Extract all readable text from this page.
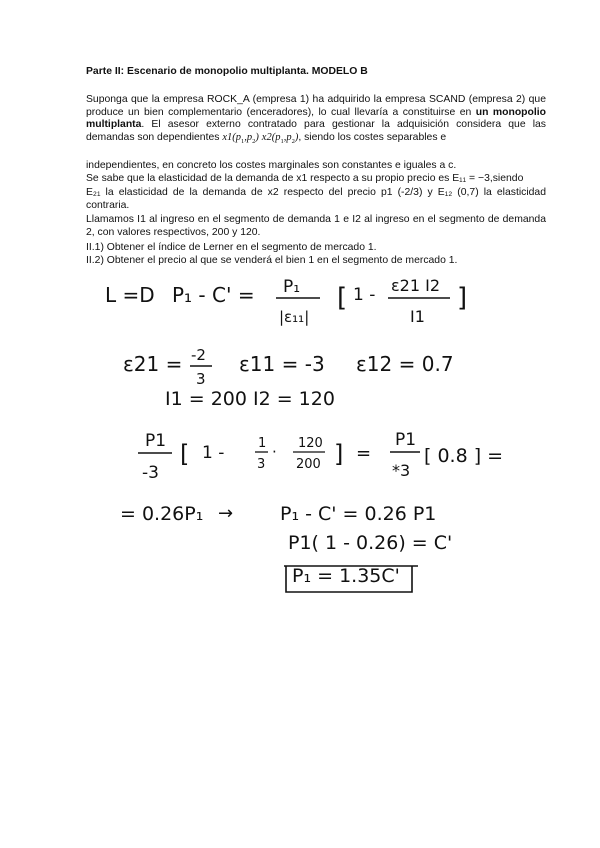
Parte II: Escenario de monopolio multiplanta. MODELO B
Suponga que la empresa ROCK_A (empresa 1) ha adquirido la empresa SCAND (empresa 2) que produce un bien complementario (enceradores), lo cual llevaría a constituirse en un monopolio multiplanta. El asesor externo contratado para gestionar la adquisición considera que las demandas son dependientes $x1(p_1,p_2)$ $x2(p_1,p_2)$, siendo los costes separables e
independientes, en concreto los costes marginales son constantes e iguales a c.
Se sabe que la elasticidad de la demanda de x1 respecto a su propio precio es E₁₁ = −3,siendo
E₂₁ la elasticidad de la demanda de x2 respecto del precio p1 (-2/3) y E₁₂ (0,7) la elasticidad contraria.
Llamamos I1 al ingreso en el segmento de demanda 1 e I2 al ingreso en el segmento de demanda 2, con valores respectivos, 200 y 120.
II.1) Obtener el índice de Lerner en el segmento de mercado 1.
II.2) Obtener el precio al que se venderá el bien 1 en el segmento de mercado 1.
L =D P₁ - C' = P₁
|ε₁₁|
[ 1 - ε21 I2
I1
]
ε21 = -2
3
ε11 = -3 ε12 = 0.7
I1 = 200 I2 = 120
P1
-3
[ 1 -	1
3
· 120
200 ] =
P1
*3
[ 0.8 ] =
= 0.26P₁ → P₁ - C' = 0.26 P1
P1( 1 - 0.26) = C'
P₁ = 1.35C'
